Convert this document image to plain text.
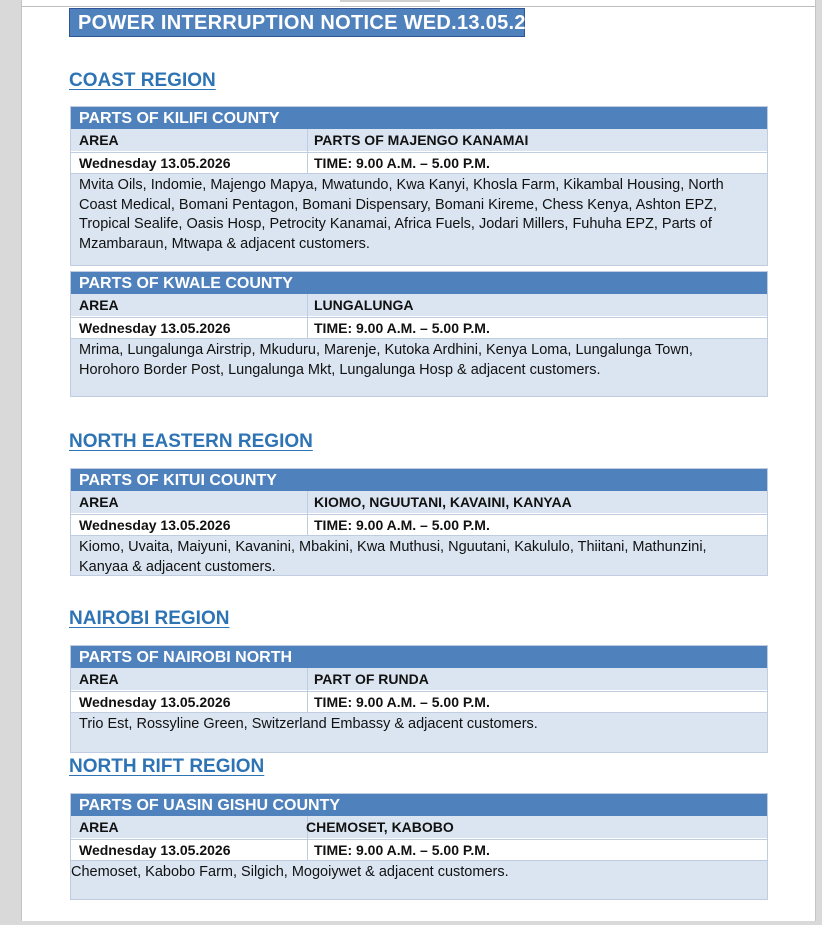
POWER INTERRUPTION NOTICE WED.13.05.2026
COAST REGION
PARTS OF KILIFI COUNTY
AREA	PARTS OF MAJENGO KANAMAI
Wednesday 13.05.2026	TIME: 9.00 A.M. – 5.00 P.M.
Mvita Oils, Indomie, Majengo Mapya, Mwatundo, Kwa Kanyi, Khosla Farm, Kikambal Housing, North Coast Medical, Bomani Pentagon, Bomani Dispensary, Bomani Kireme, Chess Kenya, Ashton EPZ, Tropical Sealife, Oasis Hosp, Petrocity Kanamai, Africa Fuels, Jodari Millers, Fuhuha EPZ, Parts of Mzambaraun, Mtwapa & adjacent customers.
PARTS OF KWALE COUNTY
AREA	LUNGALUNGA
Wednesday 13.05.2026	TIME: 9.00 A.M. – 5.00 P.M.
Mrima, Lungalunga Airstrip, Mkuduru, Marenje, Kutoka Ardhini, Kenya Loma, Lungalunga Town, Horohoro Border Post, Lungalunga Mkt, Lungalunga Hosp & adjacent customers.
NORTH EASTERN REGION
PARTS OF KITUI COUNTY
AREA	KIOMO, NGUUTANI, KAVAINI, KANYAA
Wednesday 13.05.2026	TIME: 9.00 A.M. – 5.00 P.M.
Kiomo, Uvaita, Maiyuni, Kavanini, Mbakini, Kwa Muthusi, Nguutani, Kakululo, Thiitani, Mathunzini, Kanyaa & adjacent customers.
NAIROBI REGION
PARTS OF NAIROBI NORTH
AREA	PART OF RUNDA
Wednesday 13.05.2026	TIME: 9.00 A.M. – 5.00 P.M.
Trio Est, Rossyline Green, Switzerland Embassy & adjacent customers.
NORTH RIFT REGION
PARTS OF UASIN GISHU COUNTY
AREA	CHEMOSET, KABOBO
Wednesday 13.05.2026	TIME: 9.00 A.M. – 5.00 P.M.
Chemoset, Kabobo Farm, Silgich, Mogoiywet & adjacent customers.
